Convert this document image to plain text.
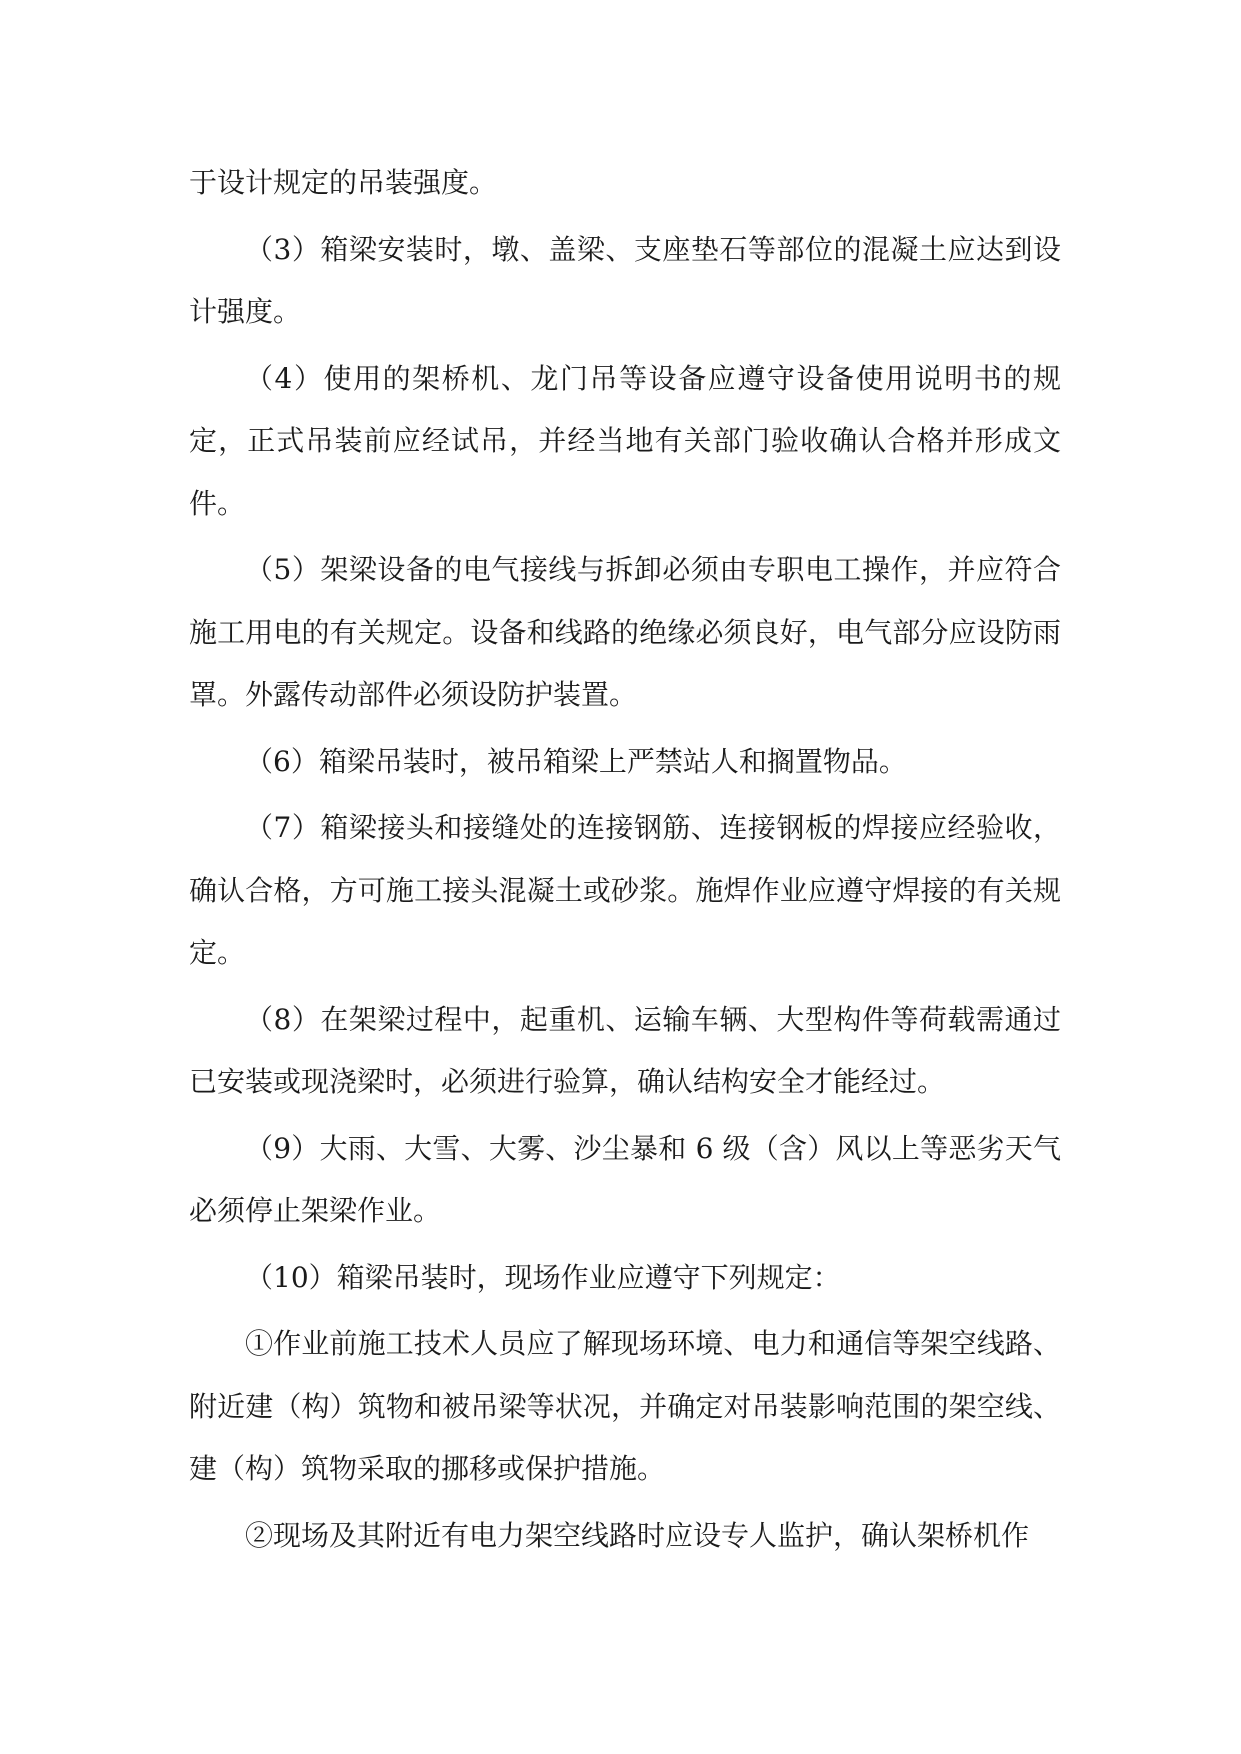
于设计规定的吊装强度。

（3）箱梁安装时，墩、盖梁、支座垫石等部位的混凝土应达到设计强度。

（4）使用的架桥机、龙门吊等设备应遵守设备使用说明书的规定，正式吊装前应经试吊，并经当地有关部门验收确认合格并形成文件。

（5）架梁设备的电气接线与拆卸必须由专职电工操作，并应符合施工用电的有关规定。设备和线路的绝缘必须良好，电气部分应设防雨罩。外露传动部件必须设防护装置。

（6）箱梁吊装时，被吊箱梁上严禁站人和搁置物品。

（7）箱梁接头和接缝处的连接钢筋、连接钢板的焊接应经验收，确认合格，方可施工接头混凝土或砂浆。施焊作业应遵守焊接的有关规定。

（8）在架梁过程中，起重机、运输车辆、大型构件等荷载需通过已安装或现浇梁时，必须进行验算，确认结构安全才能经过。

（9）大雨、大雪、大雾、沙尘暴和 6 级（含）风以上等恶劣天气必须停止架梁作业。

（10）箱梁吊装时，现场作业应遵守下列规定：

①作业前施工技术人员应了解现场环境、电力和通信等架空线路、附近建（构）筑物和被吊梁等状况，并确定对吊装影响范围的架空线、建（构）筑物采取的挪移或保护措施。

②现场及其附近有电力架空线路时应设专人监护，确认架桥机作
